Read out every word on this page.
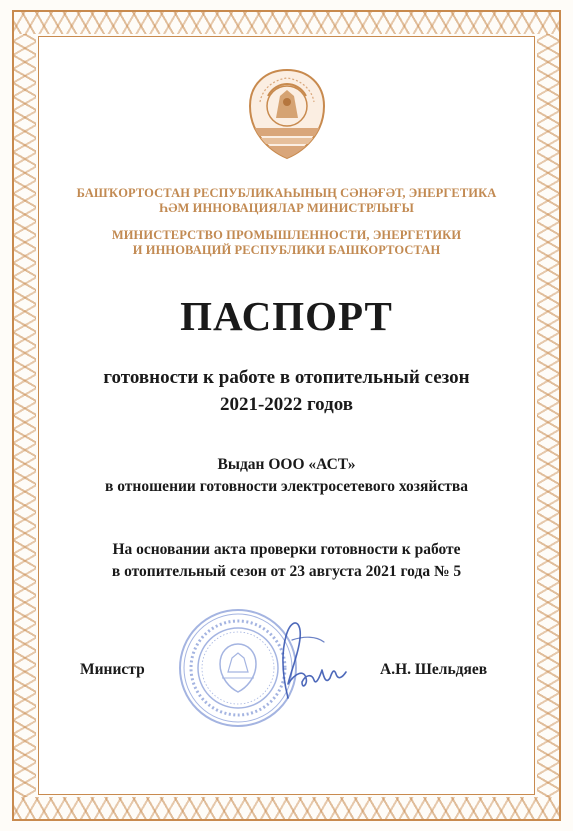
БАШҠОРТОСТАН РЕСПУБЛИКАҺЫНЫҢ СӘНӘҒӘТ, ЭНЕРГЕТИКА
ҺӘМ ИННОВАЦИЯЛАР МИНИСТРЛЫҒЫ
МИНИСТЕРСТВО ПРОМЫШЛЕННОСТИ, ЭНЕРГЕТИКИ
И ИННОВАЦИЙ РЕСПУБЛИКИ БАШКОРТОСТАН
ПАСПОРТ
готовности к работе в отопительный сезон
2021-2022 годов
Выдан ООО «АСТ»
в отношении готовности электросетевого хозяйства
На основании акта проверки готовности к работе
в отопительный сезон от 23 августа 2021 года № 5
Министр	А.Н. Шельдяев
